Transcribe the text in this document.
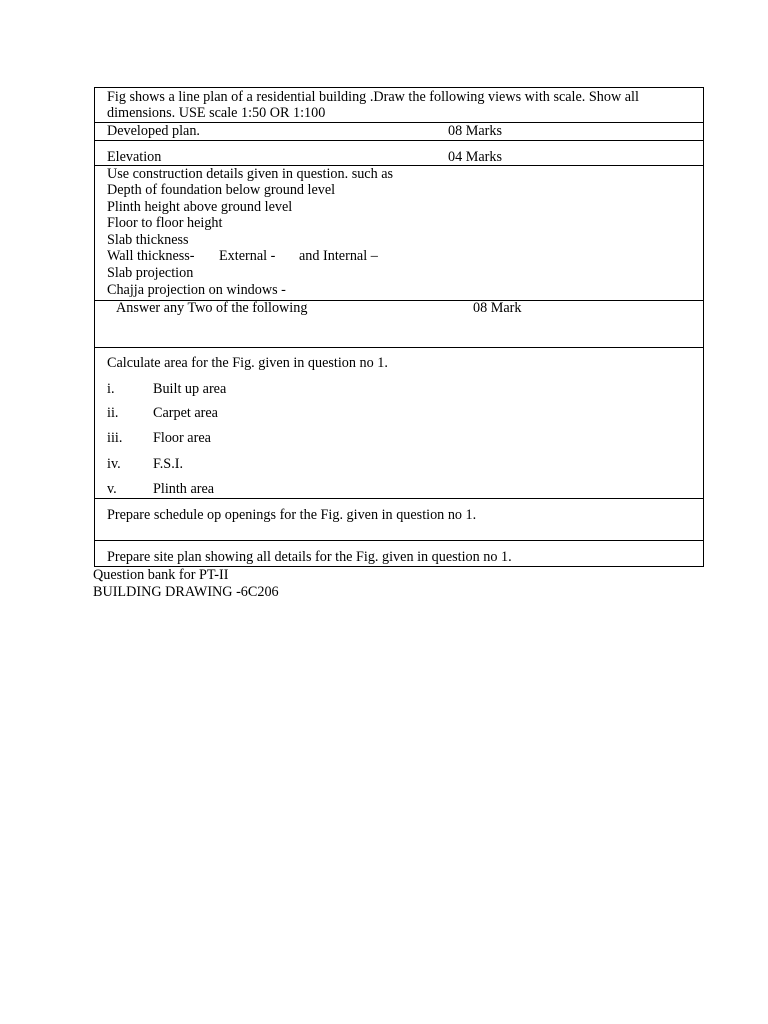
Fig shows a line plan of a residential building .Draw the following views with scale. Show all
dimensions. USE scale 1:50 OR 1:100
Developed plan.	08 Marks
Elevation	04 Marks
Use construction details given in question. such as
Depth of foundation below ground level
Plinth height above ground level
Floor to floor height
Slab thickness
Wall thickness- External - and Internal –
Slab projection
Chajja projection on windows -
Answer any Two of the following	08 Mark
Calculate area for the Fig. given in question no 1.
i.	Built up area
ii. Carpet area
iii. Floor area
iv. F.S.I.
v.	Plinth area
Prepare schedule op openings for the Fig. given in question no 1.
Prepare site plan showing all details for the Fig. given in question no 1.
Question bank for PT-II
BUILDING DRAWING -6C206
